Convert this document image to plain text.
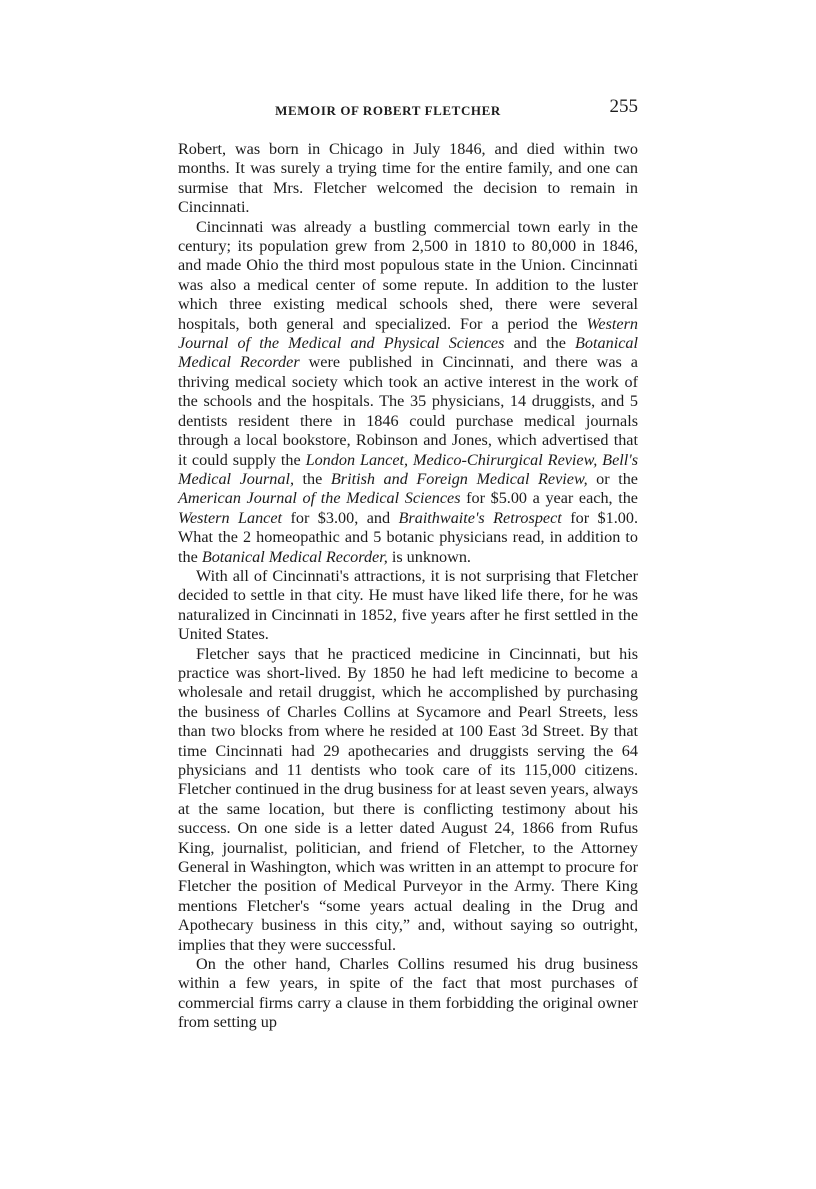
MEMOIR OF ROBERT FLETCHER	255

Robert, was born in Chicago in July 1846, and died within two months. It was surely a trying time for the entire family, and one can surmise that Mrs. Fletcher welcomed the decision to remain in Cincinnati.

Cincinnati was already a bustling commercial town early in the century; its population grew from 2,500 in 1810 to 80,000 in 1846, and made Ohio the third most populous state in the Union. Cincinnati was also a medical center of some repute. In addition to the luster which three existing medical schools shed, there were several hospitals, both general and specialized. For a period the Western Journal of the Medical and Physical Sciences and the Botanical Medical Recorder were published in Cincinnati, and there was a thriving medical society which took an active interest in the work of the schools and the hospitals. The 35 physicians, 14 druggists, and 5 dentists resident there in 1846 could purchase medical journals through a local bookstore, Robinson and Jones, which advertised that it could supply the London Lancet, Medico-Chirurgical Review, Bell's Medical Journal, the British and Foreign Medical Review, or the American Journal of the Medical Sciences for $5.00 a year each, the Western Lancet for $3.00, and Braithwaite's Retrospect for $1.00. What the 2 homeopathic and 5 botanic physicians read, in addition to the Botanical Medical Recorder, is unknown.

With all of Cincinnati's attractions, it is not surprising that Fletcher decided to settle in that city. He must have liked life there, for he was naturalized in Cincinnati in 1852, five years after he first settled in the United States.

Fletcher says that he practiced medicine in Cincinnati, but his practice was short-lived. By 1850 he had left medicine to become a wholesale and retail druggist, which he accomplished by purchasing the business of Charles Collins at Sycamore and Pearl Streets, less than two blocks from where he resided at 100 East 3d Street. By that time Cincinnati had 29 apothecaries and druggists serving the 64 physicians and 11 dentists who took care of its 115,000 citizens. Fletcher continued in the drug business for at least seven years, always at the same location, but there is conflicting testimony about his success. On one side is a letter dated August 24, 1866 from Rufus King, journalist, politician, and friend of Fletcher, to the Attorney General in Washington, which was written in an attempt to procure for Fletcher the position of Medical Purveyor in the Army. There King mentions Fletcher's “some years actual dealing in the Drug and Apothecary business in this city,” and, without saying so outright, implies that they were successful.

On the other hand, Charles Collins resumed his drug business within a few years, in spite of the fact that most purchases of commercial firms carry a clause in them forbidding the original owner from setting up
